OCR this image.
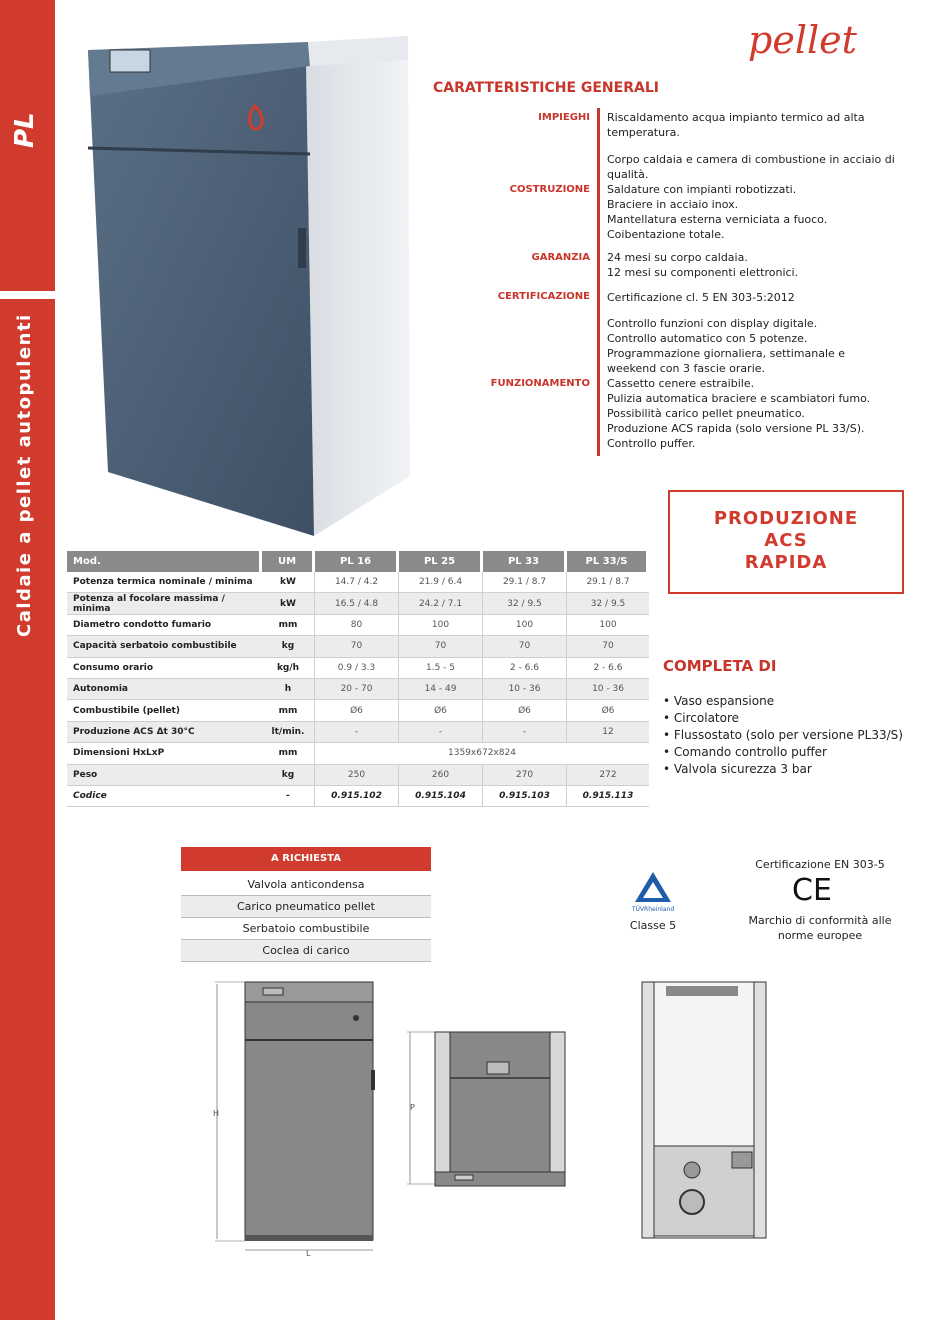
PL
Caldaie a pellet autopulenti
pellet
CARATTERISTICHE GENERALI
IMPIEGHI Riscaldamento acqua impianto termico ad alta
temperatura.
COSTRUZIONE
Corpo caldaia e camera di combustione in acciaio di
qualità.
Saldature con impianti robotizzati.
Braciere in acciaio inox.
Mantellatura esterna verniciata a fuoco.
Coibentazione totale.
GARANZIA 24 mesi su corpo caldaia.
12 mesi su componenti elettronici.
CERTIFICAZIONE Certificazione cl. 5 EN 303-5:2012
FUNZIONAMENTO
Controllo funzioni con display digitale.
Controllo automatico con 5 potenze.
Programmazione giornaliera, settimanale e
weekend con 3 fascie orarie.
Cassetto cenere estraibile.
Pulizia automatica braciere e scambiatori fumo.
Possibilità carico pellet pneumatico.
Produzione ACS rapida (solo versione PL 33/S).
Controllo puffer.
PRODUZIONE
ACS
RAPIDA
COMPLETA DI
• Vaso espansione
• Circolatore
• Flussostato (solo per versione PL33/S)
• Comando controllo puffer
• Valvola sicurezza 3 bar
Mod.	UM	PL 16	PL 25	PL 33	PL 33/S
Potenza termica nominale / minima	kW	14.7 / 4.2	21.9 / 6.4	29.1 / 8.7	29.1 / 8.7
Potenza al focolare massima / minima	kW	16.5 / 4.8	24.2 / 7.1	32 / 9.5	32 / 9.5
Diametro condotto fumario	mm	80	100	100	100
Capacità serbatoio combustibile	kg	70	70	70	70
Consumo orario	kg/h	0.9 / 3.3	1.5 - 5	2 - 6.6	2 - 6.6
Autonomia	h	20 - 70	14 - 49	10 - 36	10 - 36
Combustibile (pellet)	mm	Ø6	Ø6	Ø6	Ø6
Produzione ACS Δt 30°C	lt/min.	-	-	-	12
Dimensioni HxLxP	mm	1359x672x824			
Peso	kg	250	260	270	272
Codice	-	0.915.102	0.915.104	0.915.103	0.915.113
A RICHIESTA
Valvola anticondensa
Carico pneumatico pellet
Serbatoio combustibile
Coclea di carico
TÜVRheinland
Classe 5
Certificazione EN 303-5
CE
Marchio di conformità alle norme europee
H
L
P
